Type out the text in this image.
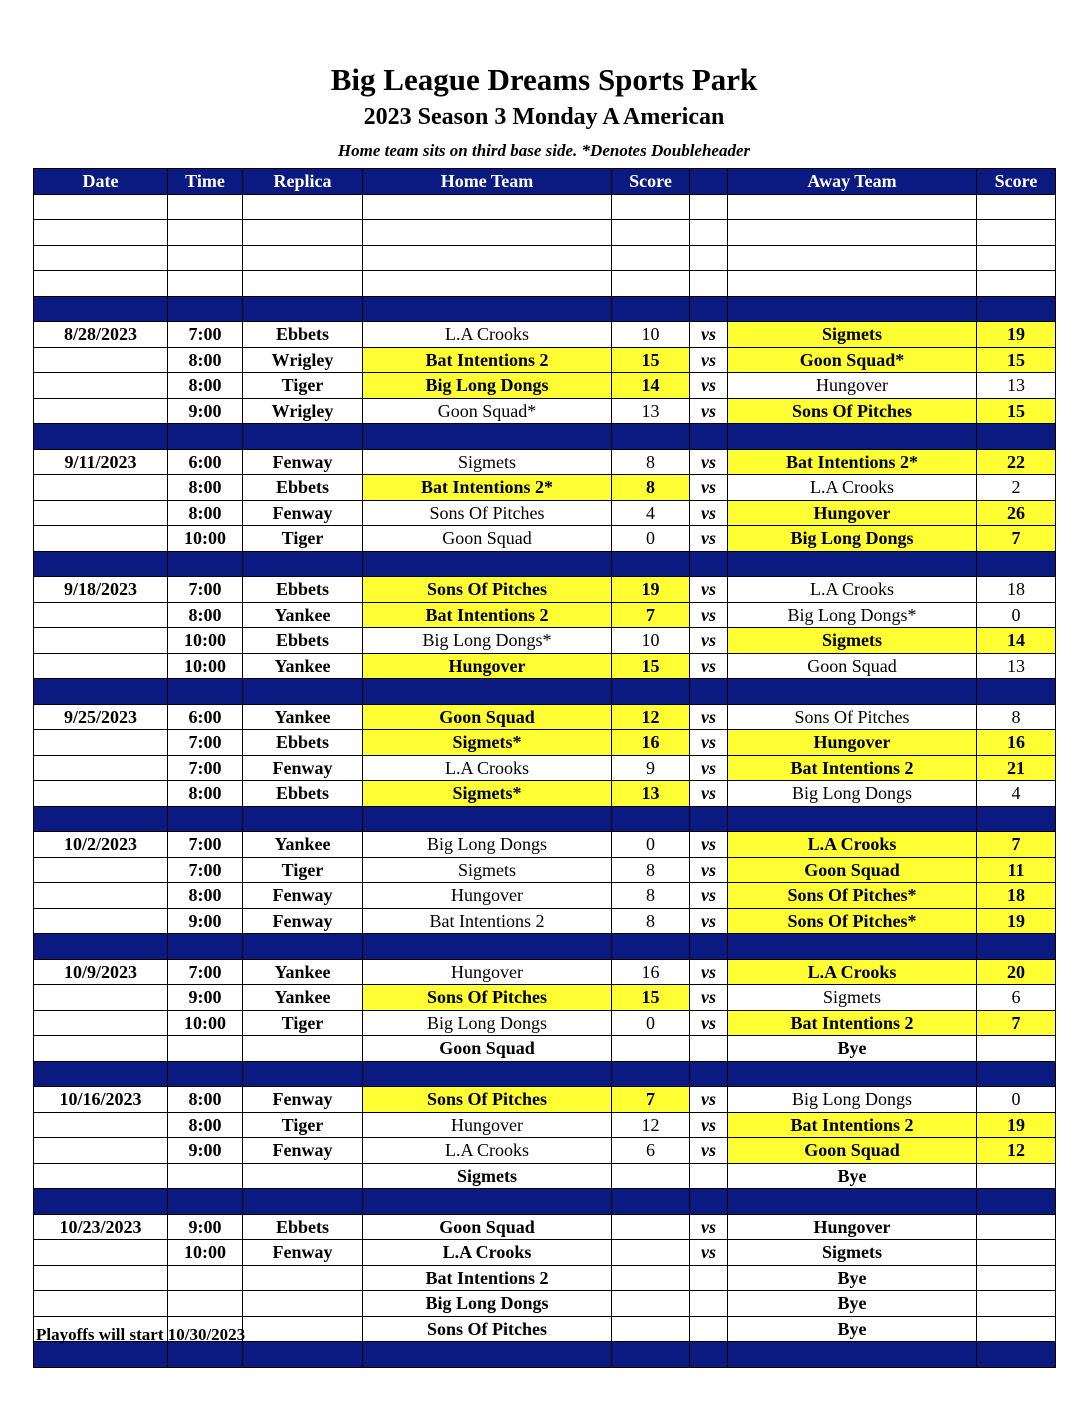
Big League Dreams Sports Park
2023 Season 3 Monday A American
Home team sits on third base side. *Denotes Doubleheader
Date	Time	Replica	Home Team	Score		Away Team	Score

8/28/2023	7:00	Ebbets	L.A Crooks	10	vs	Sigmets	19
	8:00	Wrigley	Bat Intentions 2	15	vs	Goon Squad*	15
	8:00	Tiger	Big Long Dongs	14	vs	Hungover	13
	9:00	Wrigley	Goon Squad*	13	vs	Sons Of Pitches	15

9/11/2023	6:00	Fenway	Sigmets	8	vs	Bat Intentions 2*	22
	8:00	Ebbets	Bat Intentions 2*	8	vs	L.A Crooks	2
	8:00	Fenway	Sons Of Pitches	4	vs	Hungover	26
	10:00	Tiger	Goon Squad	0	vs	Big Long Dongs	7

9/18/2023	7:00	Ebbets	Sons Of Pitches	19	vs	L.A Crooks	18
	8:00	Yankee	Bat Intentions 2	7	vs	Big Long Dongs*	0
	10:00	Ebbets	Big Long Dongs*	10	vs	Sigmets	14
	10:00	Yankee	Hungover	15	vs	Goon Squad	13

9/25/2023	6:00	Yankee	Goon Squad	12	vs	Sons Of Pitches	8
	7:00	Ebbets	Sigmets*	16	vs	Hungover	16
	7:00	Fenway	L.A Crooks	9	vs	Bat Intentions 2	21
	8:00	Ebbets	Sigmets*	13	vs	Big Long Dongs	4

10/2/2023	7:00	Yankee	Big Long Dongs	0	vs	L.A Crooks	7
	7:00	Tiger	Sigmets	8	vs	Goon Squad	11
	8:00	Fenway	Hungover	8	vs	Sons Of Pitches*	18
	9:00	Fenway	Bat Intentions 2	8	vs	Sons Of Pitches*	19

10/9/2023	7:00	Yankee	Hungover	16	vs	L.A Crooks	20
	9:00	Yankee	Sons Of Pitches	15	vs	Sigmets	6
	10:00	Tiger	Big Long Dongs	0	vs	Bat Intentions 2	7
			Goon Squad			Bye	

10/16/2023	8:00	Fenway	Sons Of Pitches	7	vs	Big Long Dongs	0
	8:00	Tiger	Hungover	12	vs	Bat Intentions 2	19
	9:00	Fenway	L.A Crooks	6	vs	Goon Squad	12
			Sigmets			Bye	

10/23/2023	9:00	Ebbets	Goon Squad		vs	Hungover	
	10:00	Fenway	L.A Crooks		vs	Sigmets	
			Bat Intentions 2			Bye	
			Big Long Dongs			Bye	
			Sons Of Pitches			Bye	

Playoffs will start 10/30/2023
